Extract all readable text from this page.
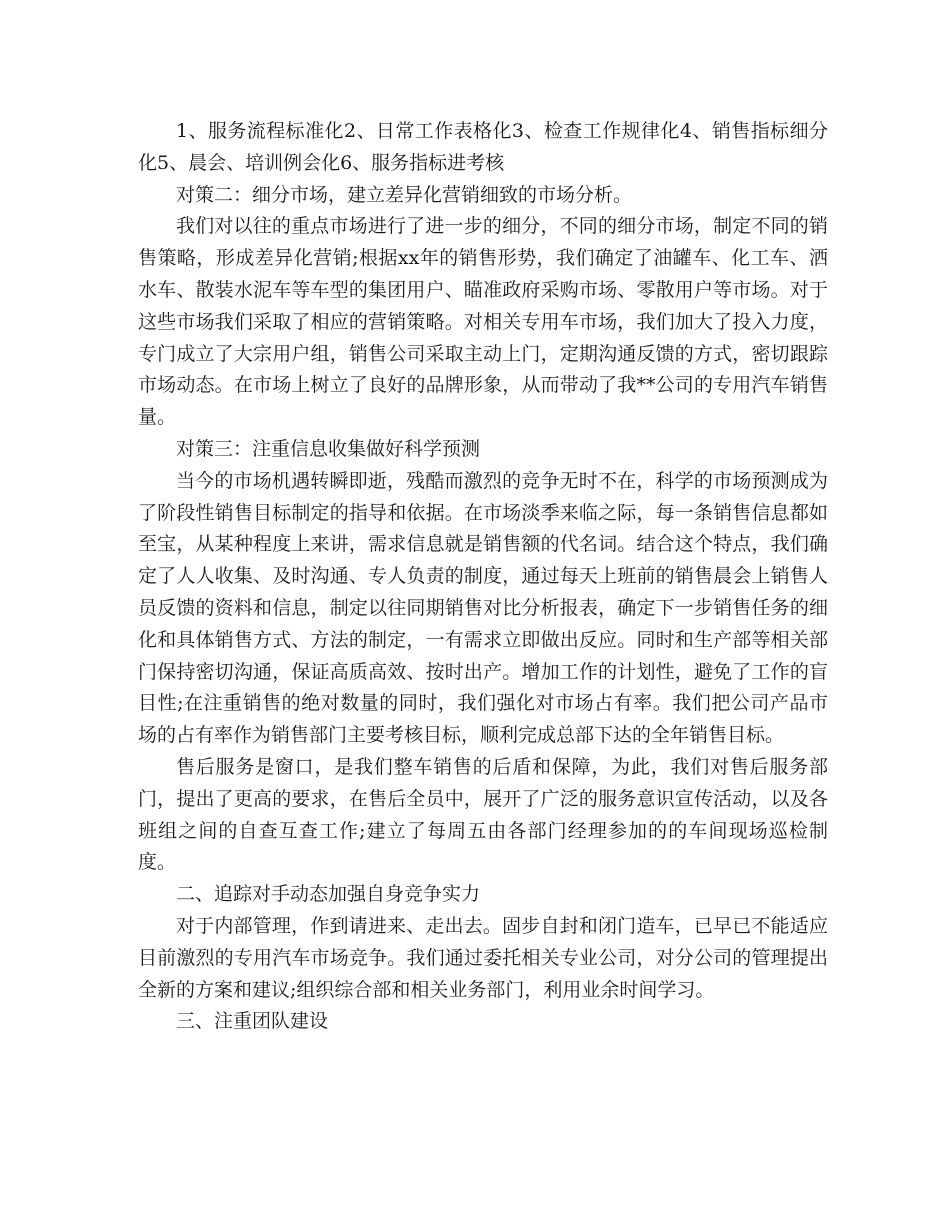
1、服务流程标准化2、日常工作表格化3、检查工作规律化4、销售指标细分化5、晨会、培训例会化6、服务指标进考核

对策二：细分市场，建立差异化营销细致的市场分析。

我们对以往的重点市场进行了进一步的细分，不同的细分市场，制定不同的销售策略，形成差异化营销;根据xx年的销售形势，我们确定了油罐车、化工车、洒水车、散装水泥车等车型的集团用户、瞄准政府采购市场、零散用户等市场。对于这些市场我们采取了相应的营销策略。对相关专用车市场，我们加大了投入力度，专门成立了大宗用户组，销售公司采取主动上门，定期沟通反馈的方式，密切跟踪市场动态。在市场上树立了良好的品牌形象，从而带动了我**公司的专用汽车销售量。

对策三：注重信息收集做好科学预测

当今的市场机遇转瞬即逝，残酷而激烈的竞争无时不在，科学的市场预测成为了阶段性销售目标制定的指导和依据。在市场淡季来临之际，每一条销售信息都如至宝，从某种程度上来讲，需求信息就是销售额的代名词。结合这个特点，我们确定了人人收集、及时沟通、专人负责的制度，通过每天上班前的销售晨会上销售人员反馈的资料和信息，制定以往同期销售对比分析报表，确定下一步销售任务的细化和具体销售方式、方法的制定，一有需求立即做出反应。同时和生产部等相关部门保持密切沟通，保证高质高效、按时出产。增加工作的计划性，避免了工作的盲目性;在注重销售的绝对数量的同时，我们强化对市场占有率。我们把公司产品市场的占有率作为销售部门主要考核目标，顺利完成总部下达的全年销售目标。

售后服务是窗口，是我们整车销售的后盾和保障，为此，我们对售后服务部门，提出了更高的要求，在售后全员中，展开了广泛的服务意识宣传活动，以及各班组之间的自查互查工作;建立了每周五由各部门经理参加的的车间现场巡检制度。

二、追踪对手动态加强自身竞争实力

对于内部管理，作到请进来、走出去。固步自封和闭门造车，已早已不能适应目前激烈的专用汽车市场竞争。我们通过委托相关专业公司，对分公司的管理提出全新的方案和建议;组织综合部和相关业务部门，利用业余时间学习。

三、注重团队建设
